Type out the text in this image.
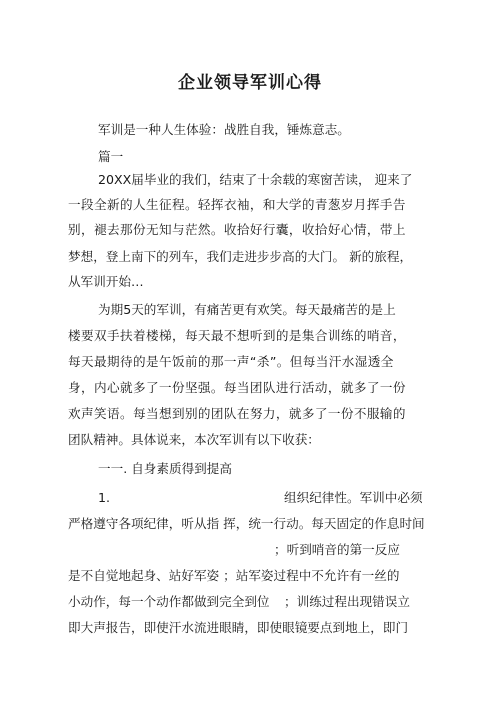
企业领导军训心得
军训是一种人生体验：战胜自我，锤炼意志。
篇一
20XX届毕业的我们，结束了十余载的寒窗苦读， 迎来了
一段全新的人生征程。轻挥衣袖，和大学的青葱岁月挥手告
别，褪去那份无知与茫然。收拾好行囊，收拾好心情，带上
梦想，登上南下的列车，我们走进步步高的大门。 新的旅程，
从军训开始…
为期5天的军训，有痛苦更有欢笑。每天最痛苦的是上
楼要双手扶着楼梯，每天最不想听到的是集合训练的哨音，
每天最期待的是午饭前的那一声“杀”。但每当汗水湿透全
身，内心就多了一份坚强。每当团队进行活动，就多了一份
欢声笑语。每当想到别的团队在努力，就多了一份不服输的
团队精神。具体说来，本次军训有以下收获：
一一. 自身素质得到提高
1.	组织纪律性。军训中必须
严格遵守各项纪律，听从指 挥，统一行动。每天固定的作息时间
；听到哨音的第一反应
是不自觉地起身、站好军姿 ；站军姿过程中不允许有一丝的
小动作，每一个动作都做到完全到位 ；训练过程出现错误立
即大声报告，即使汗水流进眼睛，即使眼镜要点到地上，即门
